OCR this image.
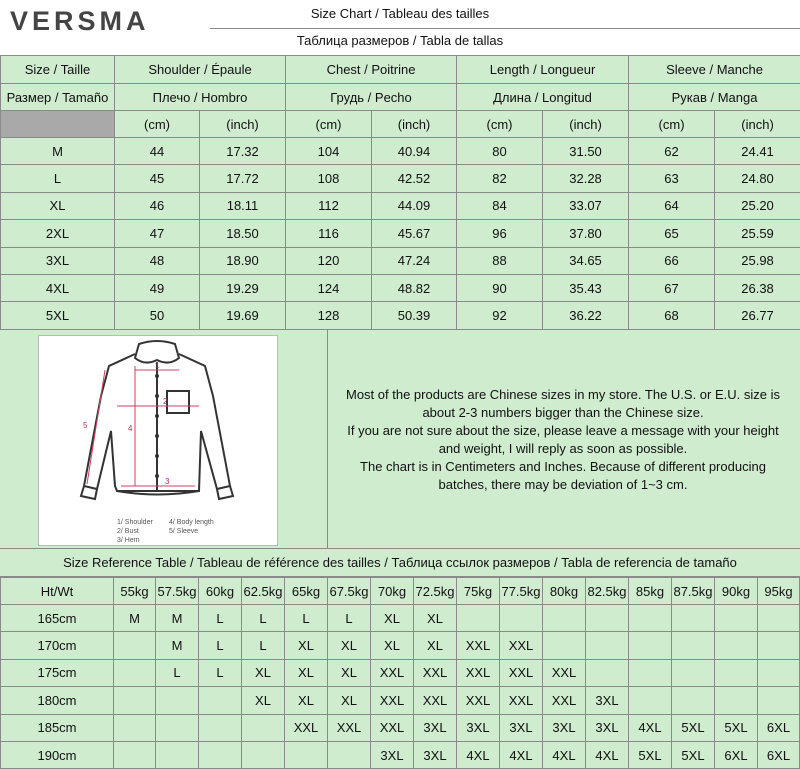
VERSMA	Size Chart / Tableau des tailles
Таблица размеров / Tabla de tallas
Size / Taille	Shoulder / Épaule		Chest / Poitrine		Length / Longueur		Sleeve / Manche	
Размер / Tamaño	Плечо / Hombro		Грудь / Pecho		Длина / Longitud		Рукав / Manga	
	(cm)	(inch)	(cm)	(inch)	(cm)	(inch)	(cm)	(inch)
M	44	17.32	104	40.94	80	31.50	62	24.41
L	45	17.72	108	42.52	82	32.28	63	24.80
XL	46	18.11	112	44.09	84	33.07	64	25.20
2XL	47	18.50	116	45.67	96	37.80	65	25.59
3XL	48	18.90	120	47.24	88	34.65	66	25.98
4XL	49	19.29	124	48.82	90	35.43	67	26.38
5XL	50	19.69	128	50.39	92	36.22	68	26.77
1
2
3
4
5
1/ Shoulder
2/ Bust
3/ Hem
4/ Body length
5/ Sleeve
Most of the products are Chinese sizes in my store. The U.S. or E.U. size is
about 2-3 numbers bigger than the Chinese size.
If you are not sure about the size, please leave a message with your height
and weight, I will reply as soon as possible.
The chart is in Centimeters and Inches. Because of different producing
batches, there may be deviation of 1~3 cm.
Size Reference Table / Tableau de référence des tailles / Таблица ссылок размеров / Tabla de referencia de tamaño
Ht/Wt	55kg	57.5kg	60kg	62.5kg	65kg	67.5kg	70kg	72.5kg	75kg	77.5kg	80kg	82.5kg	85kg	87.5kg	90kg	95kg
165cm	M	M	L	L	L	L	XL	XL								
170cm		M	L	L	XL	XL	XL	XL	XXL	XXL						
175cm		L	L	XL	XL	XL	XXL	XXL	XXL	XXL	XXL					
180cm				XL	XL	XL	XXL	XXL	XXL	XXL	XXL	3XL				
185cm					XXL	XXL	XXL	3XL	3XL	3XL	3XL	3XL	4XL	5XL	5XL	6XL
190cm							3XL	3XL	4XL	4XL	4XL	4XL	5XL	5XL	6XL	6XL
